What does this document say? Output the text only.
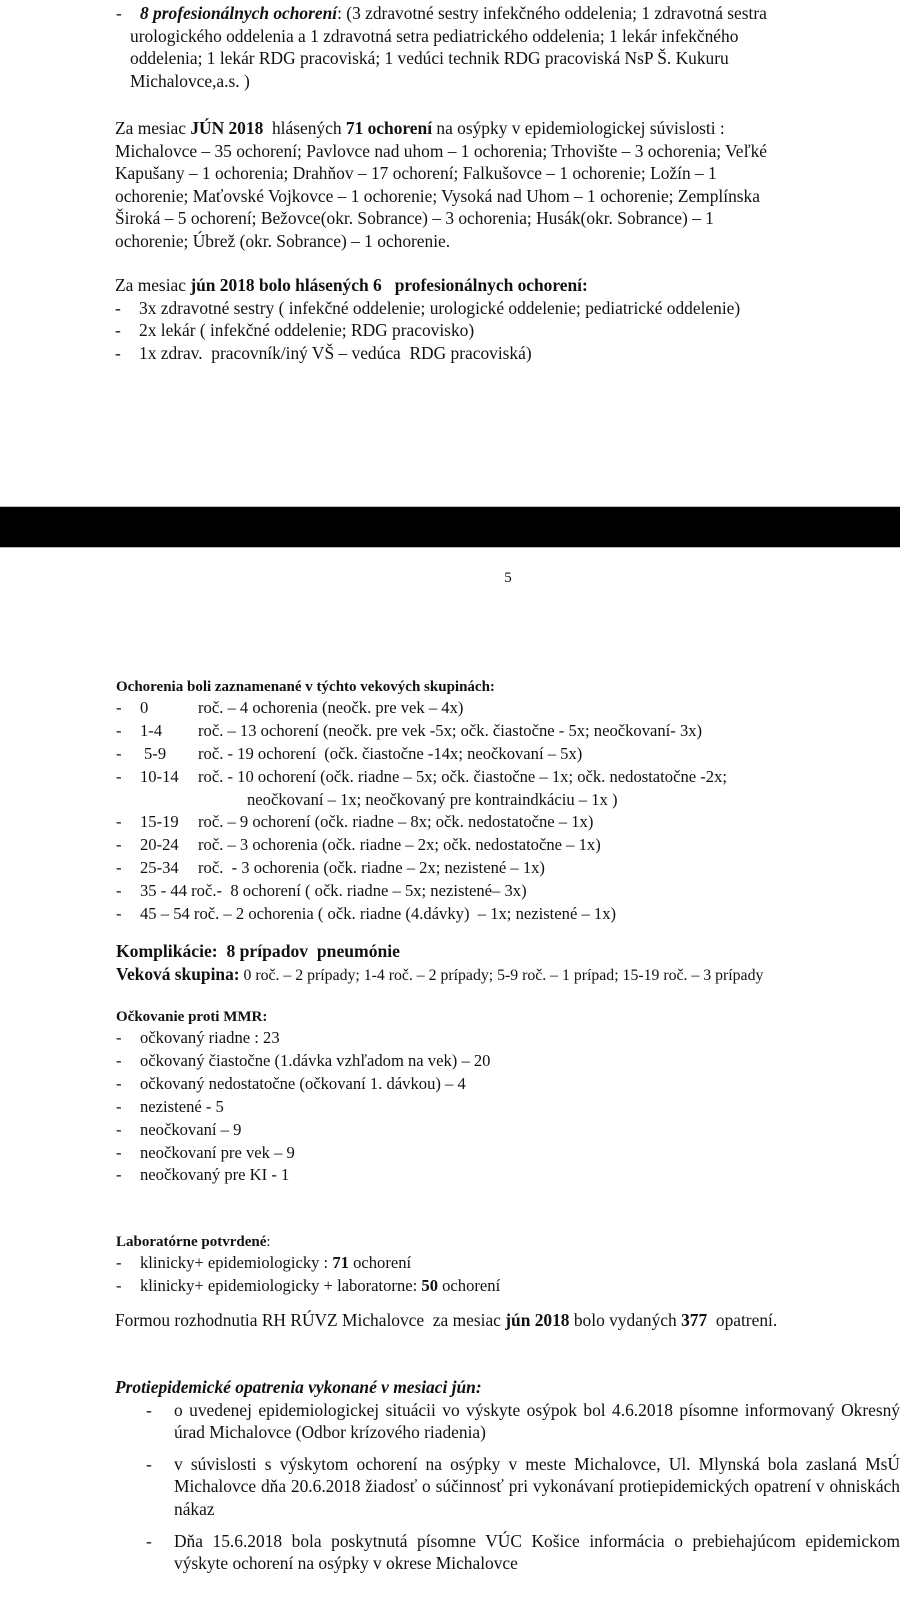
- 8 profesionálnych ochorení: (3 zdravotné sestry infekčného oddelenia; 1 zdravotná sestra
urologického oddelenia a 1 zdravotná setra pediatrického oddelenia; 1 lekár infekčného
oddelenia; 1 lekár RDG pracoviská; 1 vedúci technik RDG pracoviská NsP Š. Kukuru
Michalovce,a.s. )
Za mesiac JÚN 2018  hlásených 71 ochorení na osýpky v epidemiologickej súvislosti :
Michalovce – 35 ochorení; Pavlovce nad uhom – 1 ochorenia; Trhovište – 3 ochorenia; Veľké
Kapušany – 1 ochorenia; Drahňov – 17 ochorení; Falkušovce – 1 ochorenie; Ložín – 1
ochorenie; Maťovské Vojkovce – 1 ochorenie; Vysoká nad Uhom – 1 ochorenie; Zemplínska
Široká – 5 ochorení; Bežovce(okr. Sobrance) – 3 ochorenia; Husák(okr. Sobrance) – 1
ochorenie; Úbrež (okr. Sobrance) – 1 ochorenie.
Za mesiac jún 2018 bolo hlásených 6   profesionálnych ochorení:
- 3x zdravotné sestry ( infekčné oddelenie; urologické oddelenie; pediatrické oddelenie)
- 2x lekár ( infekčné oddelenie; RDG pracovisko)
- 1x zdrav.  pracovník/iný VŠ – vedúca  RDG pracoviská)
5
Ochorenia boli zaznamenané v týchto vekových skupinách:
- 0	roč. – 4 ochorenia (neočk. pre vek – 4x)
- 1-4 roč. – 13 ochorení (neočk. pre vek -5x; očk. čiastočne - 5x; neočkovaní- 3x)
- 5-9 roč. - 19 ochorení  (očk. čiastočne -14x; neočkovaní – 5x)
- 10-14 roč. - 10 ochorení (očk. riadne – 5x; očk. čiastočne – 1x; očk. nedostatočne -2x;
neočkovaní – 1x; neočkovaný pre kontraindkáciu – 1x )
- 15-19 roč. – 9 ochorení (očk. riadne – 8x; očk. nedostatočne – 1x)
- 20-24 roč. – 3 ochorenia (očk. riadne – 2x; očk. nedostatočne – 1x)
- 25-34 roč.  - 3 ochorenia (očk. riadne – 2x; nezistené – 1x)
- 35 - 44 roč.-  8 ochorení ( očk. riadne – 5x; nezistené– 3x)
- 45 – 54 roč. – 2 ochorenia ( očk. riadne (4.dávky)  – 1x; nezistené – 1x)
Komplikácie:  8 prípadov  pneumónie
Veková skupina: 0 roč. – 2 prípady; 1-4 roč. – 2 prípady; 5-9 roč. – 1 prípad; 15-19 roč. – 3 prípady
Očkovanie proti MMR:
- očkovaný riadne : 23
- očkovaný čiastočne (1.dávka vzhľadom na vek) – 20
- očkovaný nedostatočne (očkovaní 1. dávkou) – 4
- nezistené - 5
- neočkovaní – 9
- neočkovaní pre vek – 9
- neočkovaný pre KI - 1
Laboratórne potvrdené:
- klinicky+ epidemiologicky : 71 ochorení
- klinicky+ epidemiologicky + laboratorne: 50 ochorení
Formou rozhodnutia RH RÚVZ Michalovce  za mesiac jún 2018 bolo vydaných 377  opatrení.
Protiepidemické opatrenia vykonané v mesiaci jún:
- o uvedenej epidemiologickej situácii vo výskyte osýpok bol 4.6.2018 písomne informovaný Okresný úrad Michalovce (Odbor krízového riadenia)
- v súvislosti s výskytom ochorení na osýpky v meste Michalovce, Ul. Mlynská bola zaslaná MsÚ Michalovce dňa 20.6.2018 žiadosť o súčinnosť pri vykonávaní protiepidemických opatrení v ohniskách nákaz
- Dňa 15.6.2018 bola poskytnutá písomne VÚC Košice informácia o prebiehajúcom epidemickom výskyte ochorení na osýpky v okrese Michalovce
